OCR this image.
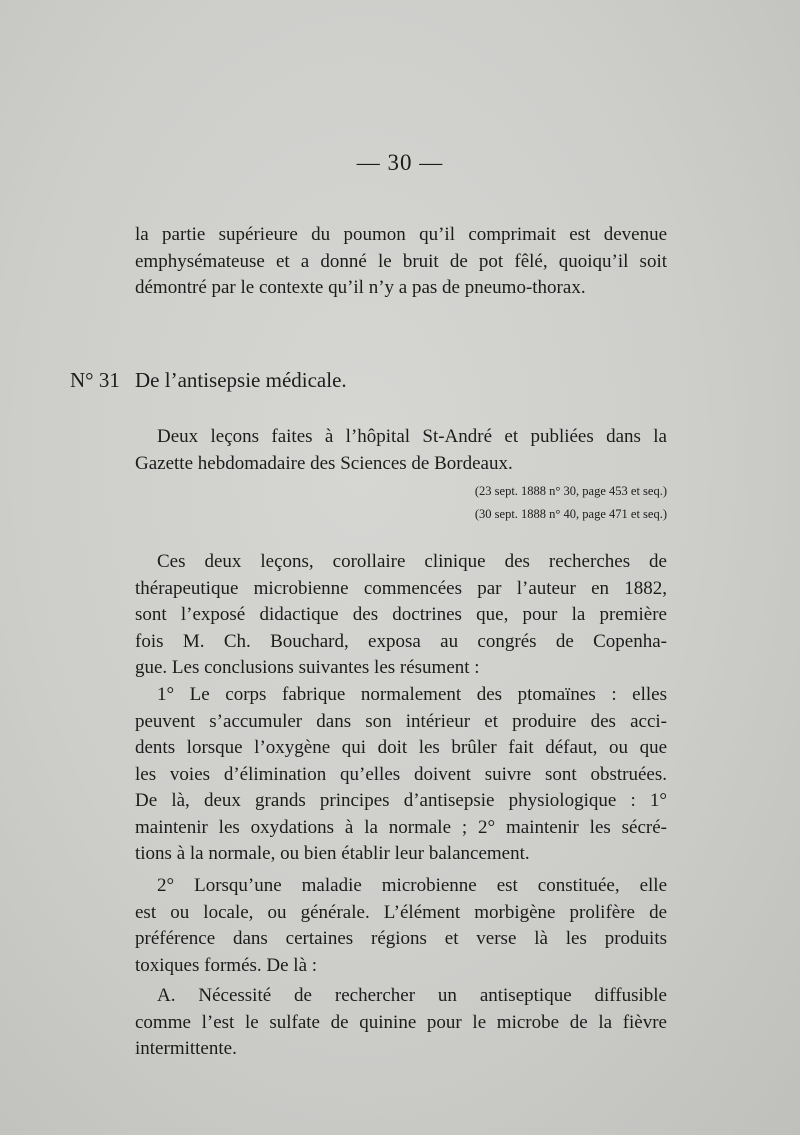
— 30 —

la partie supérieure du poumon qu’il comprimait est devenue
emphysémateuse et a donné le bruit de pot fêlé, quoiqu’il soit
démontré par le contexte qu’il n’y a pas de pneumo-thorax.

N° 31 De l’antisepsie médicale.

Deux leçons faites à l’hôpital St-André et publiées dans la
Gazette hebdomadaire des Sciences de Bordeaux.

(23 sept. 1888 n° 30, page 453 et seq.)
(30 sept. 1888 n° 40, page 471 et seq.)

Ces deux leçons, corollaire clinique des recherches de
thérapeutique microbienne commencées par l’auteur en 1882,
sont l’exposé didactique des doctrines que, pour la première
fois M. Ch. Bouchard, exposa au congrés de Copenha-
gue. Les conclusions suivantes les résument :

1° Le corps fabrique normalement des ptomaïnes : elles
peuvent s’accumuler dans son intérieur et produire des acci-
dents lorsque l’oxygène qui doit les brûler fait défaut, ou que
les voies d’élimination qu’elles doivent suivre sont obstruées.
De là, deux grands principes d’antisepsie physiologique : 1°
maintenir les oxydations à la normale ; 2° maintenir les sécré-
tions à la normale, ou bien établir leur balancement.

2° Lorsqu’une maladie microbienne est constituée, elle
est ou locale, ou générale. L’élément morbigène prolifère de
préférence dans certaines régions et verse là les produits
toxiques formés. De là :

A. Nécessité de rechercher un antiseptique diffusible
comme l’est le sulfate de quinine pour le microbe de la fièvre
intermittente.
